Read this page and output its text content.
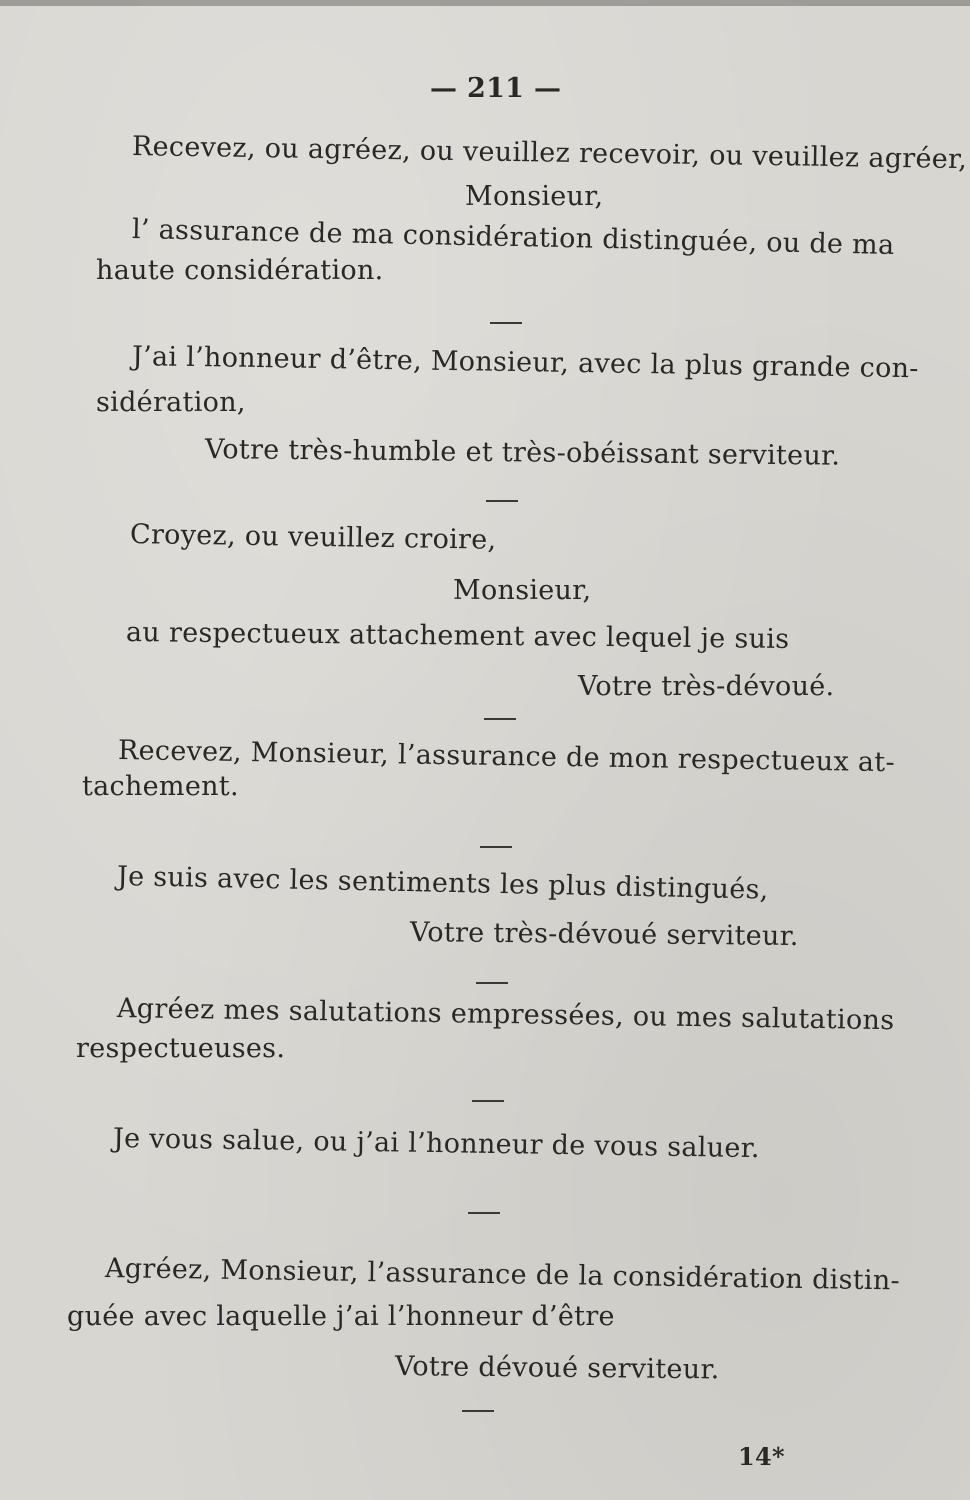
— 211 —
Recevez, ou agréez, ou veuillez recevoir, ou veuillez agréer,
Monsieur,
l’ assurance de ma considération distinguée, ou de ma
haute considération.
J’ai l’honneur d’être, Monsieur, avec la plus grande con-
sidération,
Votre très-humble et très-obéissant serviteur.
Croyez, ou veuillez croire,
Monsieur,
au respectueux attachement avec lequel je suis
Votre très-dévoué.
Recevez, Monsieur, l’assurance de mon respectueux at-
tachement.
Je suis avec les sentiments les plus distingués,
Votre très-dévoué serviteur.
Agréez mes salutations empressées, ou mes salutations
respectueuses.
Je vous salue, ou j’ai l’honneur de vous saluer.
Agréez, Monsieur, l’assurance de la considération distin-
guée avec laquelle j’ai l’honneur d’être
Votre dévoué serviteur.
14*
